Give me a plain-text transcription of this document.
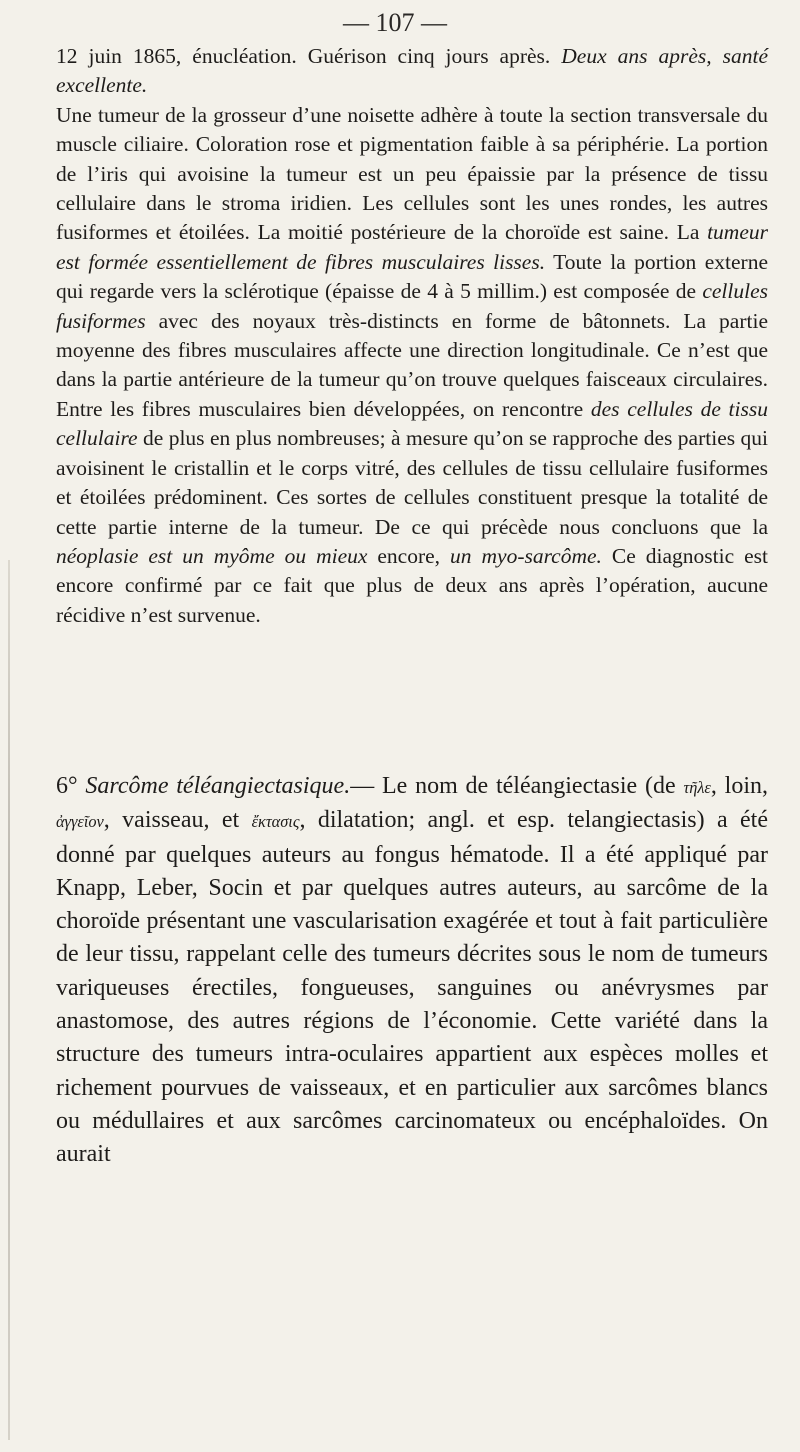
— 107 —

12 juin 1865, énucléation. Guérison cinq jours après. Deux ans après, santé excellente.

Une tumeur de la grosseur d’une noisette adhère à toute la section transversale du muscle ciliaire. Coloration rose et pigmentation faible à sa périphérie. La portion de l’iris qui avoisine la tumeur est un peu épaissie par la présence de tissu cellulaire dans le stroma iridien. Les cellules sont les unes rondes, les autres fusiformes et étoilées. La moitié postérieure de la choroïde est saine. La tumeur est formée essentiellement de fibres musculaires lisses. Toute la portion externe qui regarde vers la sclérotique (épaisse de 4 à 5 millim.) est composée de cellules fusiformes avec des noyaux très-distincts en forme de bâtonnets. La partie moyenne des fibres musculaires affecte une direction longitudinale. Ce n’est que dans la partie antérieure de la tumeur qu’on trouve quelques faisceaux circulaires. Entre les fibres musculaires bien développées, on rencontre des cellules de tissu cellulaire de plus en plus nombreuses; à mesure qu’on se rapproche des parties qui avoisinent le cristallin et le corps vitré, des cellules de tissu cellulaire fusiformes et étoilées prédominent. Ces sortes de cellules constituent presque la totalité de cette partie interne de la tumeur. De ce qui précède nous concluons que la néoplasie est un myôme ou mieux encore, un myo-sarcôme. Ce diagnostic est encore confirmé par ce fait que plus de deux ans après l’opération, aucune récidive n’est survenue.

6° Sarcôme téléangiectasique.— Le nom de téléangiectasie (de τῆλε, loin, ἀγγεῖον, vaisseau, et ἔκτασις, dilatation; angl. et esp. telangiectasis) a été donné par quelques auteurs au fongus hématode. Il a été appliqué par Knapp, Leber, Socin et par quelques autres auteurs, au sarcôme de la choroïde présentant une vascularisation exagérée et tout à fait particulière de leur tissu, rappelant celle des tumeurs décrites sous le nom de tumeurs variqueuses érectiles, fongueuses, sanguines ou anévrysmes par anastomose, des autres régions de l’économie. Cette variété dans la structure des tumeurs intra-oculaires appartient aux espèces molles et richement pourvues de vaisseaux, et en particulier aux sarcômes blancs ou médullaires et aux sarcômes carcinomateux ou encéphaloïdes. On aurait
